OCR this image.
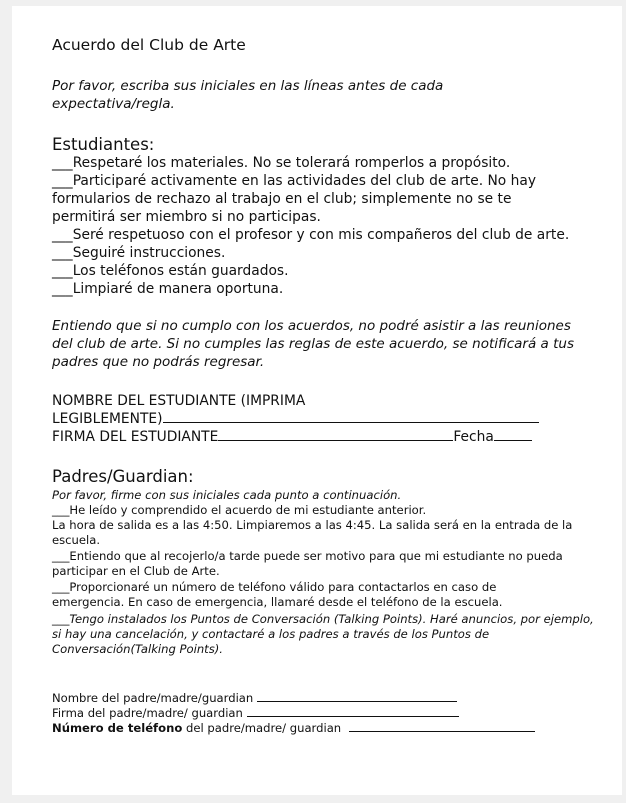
Acuerdo del Club de Arte
Por favor, escriba sus iniciales en las líneas antes de cada expectativa/regla.
Estudiantes:
___Respetaré los materiales. No se tolerará romperlos a propósito.
___Participaré activamente en las actividades del club de arte. No hay formularios de rechazo al trabajo en el club; simplemente no se te permitirá ser miembro si no participas.
___Seré respetuoso con el profesor y con mis compañeros del club de arte.
___Seguiré instrucciones.
___Los teléfonos están guardados.
___Limpiaré de manera oportuna.
Entiendo que si no cumplo con los acuerdos, no podré asistir a las reuniones del club de arte. Si no cumples las reglas de este acuerdo, se notificará a tus padres que no podrás regresar.
NOMBRE DEL ESTUDIANTE (IMPRIMA
LEGIBLEMENTE)
FIRMA DEL ESTUDIANTE	Fecha
Padres/Guardian:
Por favor, firme con sus iniciales cada punto a continuación.
___He leído y comprendido el acuerdo de mi estudiante anterior.
La hora de salida es a las 4:50. Limpiaremos a las 4:45. La salida será en la entrada de la escuela.
___Entiendo que al recojerlo/a tarde puede ser motivo para que mi estudiante no pueda participar en el Club de Arte.
___Proporcionaré un número de teléfono válido para contactarlos en caso de emergencia. En caso de emergencia, llamaré desde el teléfono de la escuela.
___Tengo instalados los Puntos de Conversación (Talking Points). Haré anuncios, por ejemplo, si hay una cancelación, y contactaré a los padres a través de los Puntos de Conversación(Talking Points).
Nombre del padre/madre/guardian
Firma del padre/madre/ guardian
Número de teléfono del padre/madre/ guardian
